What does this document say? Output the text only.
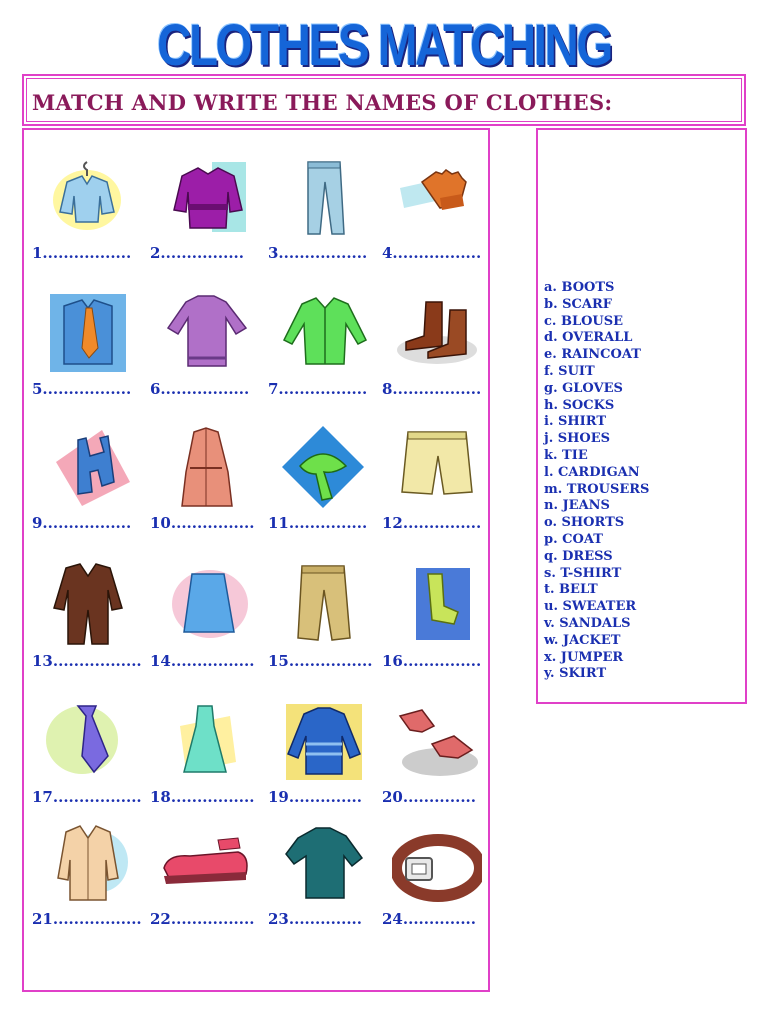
CLOTHES MATCHING
MATCH AND WRITE THE NAMES OF CLOTHES:
1................. 2................ 3................. 4.................
5................. 6................. 7................. 8.................
9................. 10................ 11............... 12...............
13................. 14................ 15................ 16...............
17................. 18................ 19.............. 20..............
21................. 22................ 23.............. 24..............
a. BOOTS
b. SCARF
c. BLOUSE
d. OVERALL
e. RAINCOAT
f. SUIT
g. GLOVES
h. SOCKS
i. SHIRT
j. SHOES
k. TIE
l. CARDIGAN
m. TROUSERS
n. JEANS
o. SHORTS
p. COAT
q. DRESS
s. T-SHIRT
t. BELT
u. SWEATER
v. SANDALS
w. JACKET
x. JUMPER
y. SKIRT
